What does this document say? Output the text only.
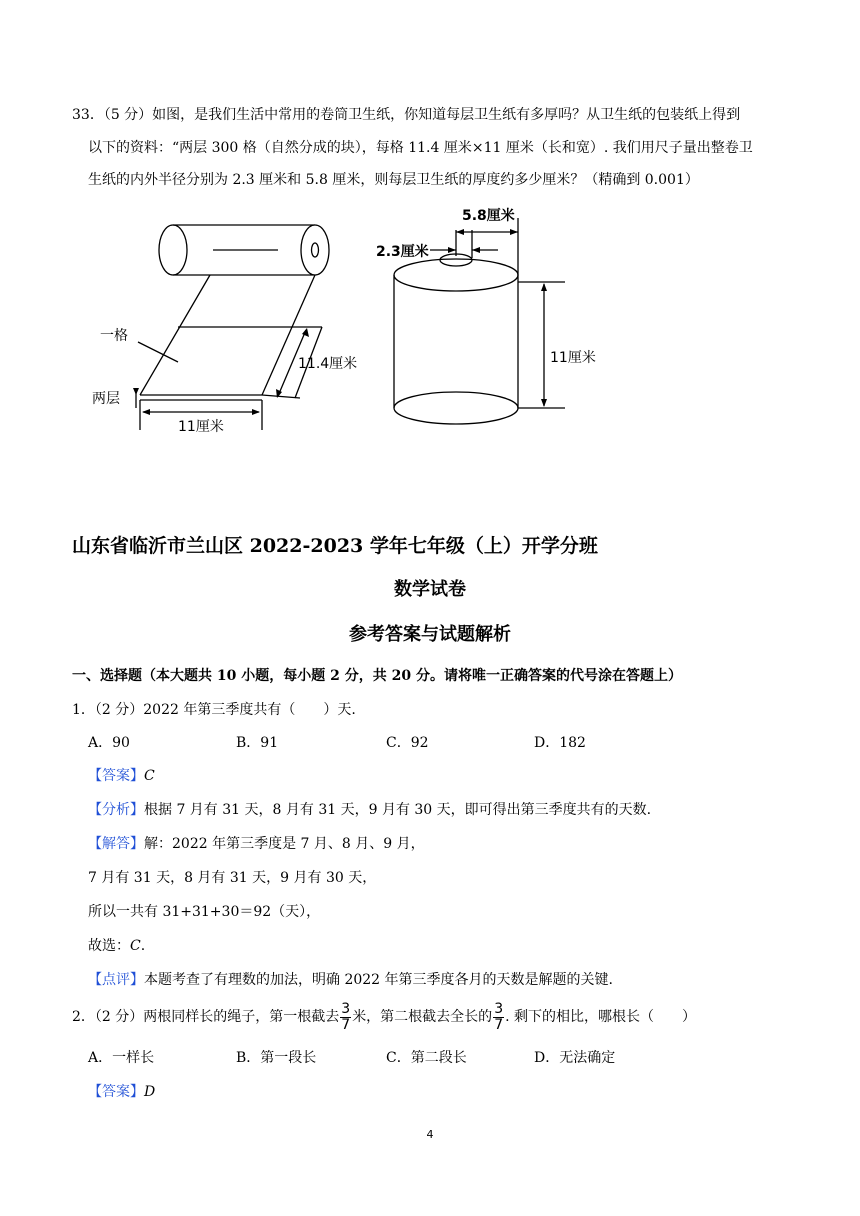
33．（5 分）如图，是我们生活中常用的卷筒卫生纸，你知道每层卫生纸有多厚吗？从卫生纸的包装纸上得到
以下的资料：“两层 300 格（自然分成的块），每格 11.4 厘米×11 厘米（长和宽）. 我们用尺子量出整卷卫
生纸的内外半径分别为 2.3 厘米和 5.8 厘米，则每层卫生纸的厚度约多少厘米？（精确到 0.001）
一格
两层
11厘米
11.4厘米
5.8厘米
2.3厘米
11厘米
山东省临沂市兰山区 2022-2023 学年七年级（上）开学分班
数学试卷
参考答案与试题解析
一、选择题（本大题共 10 小题，每小题 2 分，共 20 分。请将唯一正确答案的代号涂在答题上）
1．（2 分）2022 年第三季度共有（　　）天.
A．90	B．91	C．92	D．182
【答案】C
【分析】根据 7 月有 31 天，8 月有 31 天，9 月有 30 天，即可得出第三季度共有的天数.
【解答】解：2022 年第三季度是 7 月、8 月、9 月，
7 月有 31 天，8 月有 31 天，9 月有 30 天，
所以一共有 31+31+30＝92（天），
故选：C.
【点评】本题考查了有理数的加法，明确 2022 年第三季度各月的天数是解题的关键.
2．（2 分）两根同样长的绳子，第一根截去 $\frac{3}{7}$ 米，第二根截去全长的 $\frac{3}{7}$ . 剩下的相比，哪根长（　　）
A．一样长	B．第一段长	C．第二段长	D．无法确定
【答案】D
4
